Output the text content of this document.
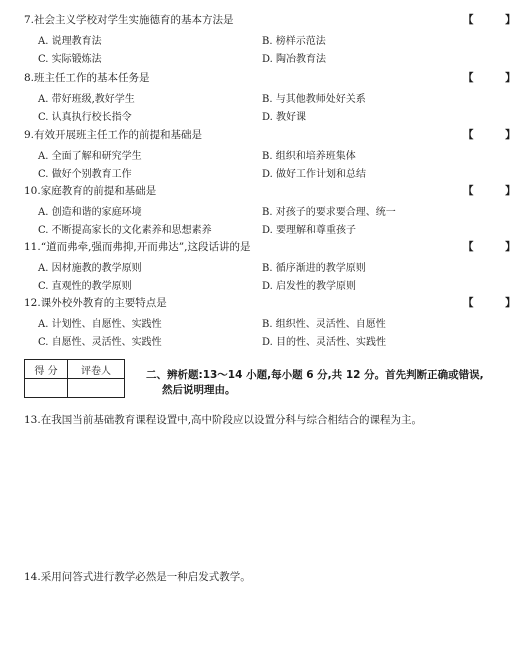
7.社会主义学校对学生实施德育的基本方法是	【 】
A. 说理教育法	B. 榜样示范法
C. 实际锻炼法	D. 陶冶教育法
8.班主任工作的基本任务是	【 】
A. 带好班级,教好学生	B. 与其他教师处好关系
C. 认真执行校长指令	D. 教好课
9.有效开展班主任工作的前提和基础是	【 】
A. 全面了解和研究学生	B. 组织和培养班集体
C. 做好个别教育工作	D. 做好工作计划和总结
10.家庭教育的前提和基础是	【 】
A. 创造和谐的家庭环境	B. 对孩子的要求要合理、统一
C. 不断提高家长的文化素养和思想素养	D. 要理解和尊重孩子
11.“道而弗牵,强而弗抑,开而弗达”,这段话讲的是	【 】
A. 因材施教的教学原则	B. 循序渐进的教学原则
C. 直观性的教学原则	D. 启发性的教学原则
12.课外校外教育的主要特点是	【 】
A. 计划性、自愿性、实践性	B. 组织性、灵活性、自愿性
C. 自愿性、灵活性、实践性	D. 目的性、灵活性、实践性
得 分	评卷人
		二、辨析题:13～14 小题,每小题 6 分,共 12 分。首先判断正确或错误,
然后说明理由。
13.在我国当前基础教育课程设置中,高中阶段应以设置分科与综合相结合的课程为主。
14.采用问答式进行教学必然是一种启发式教学。
